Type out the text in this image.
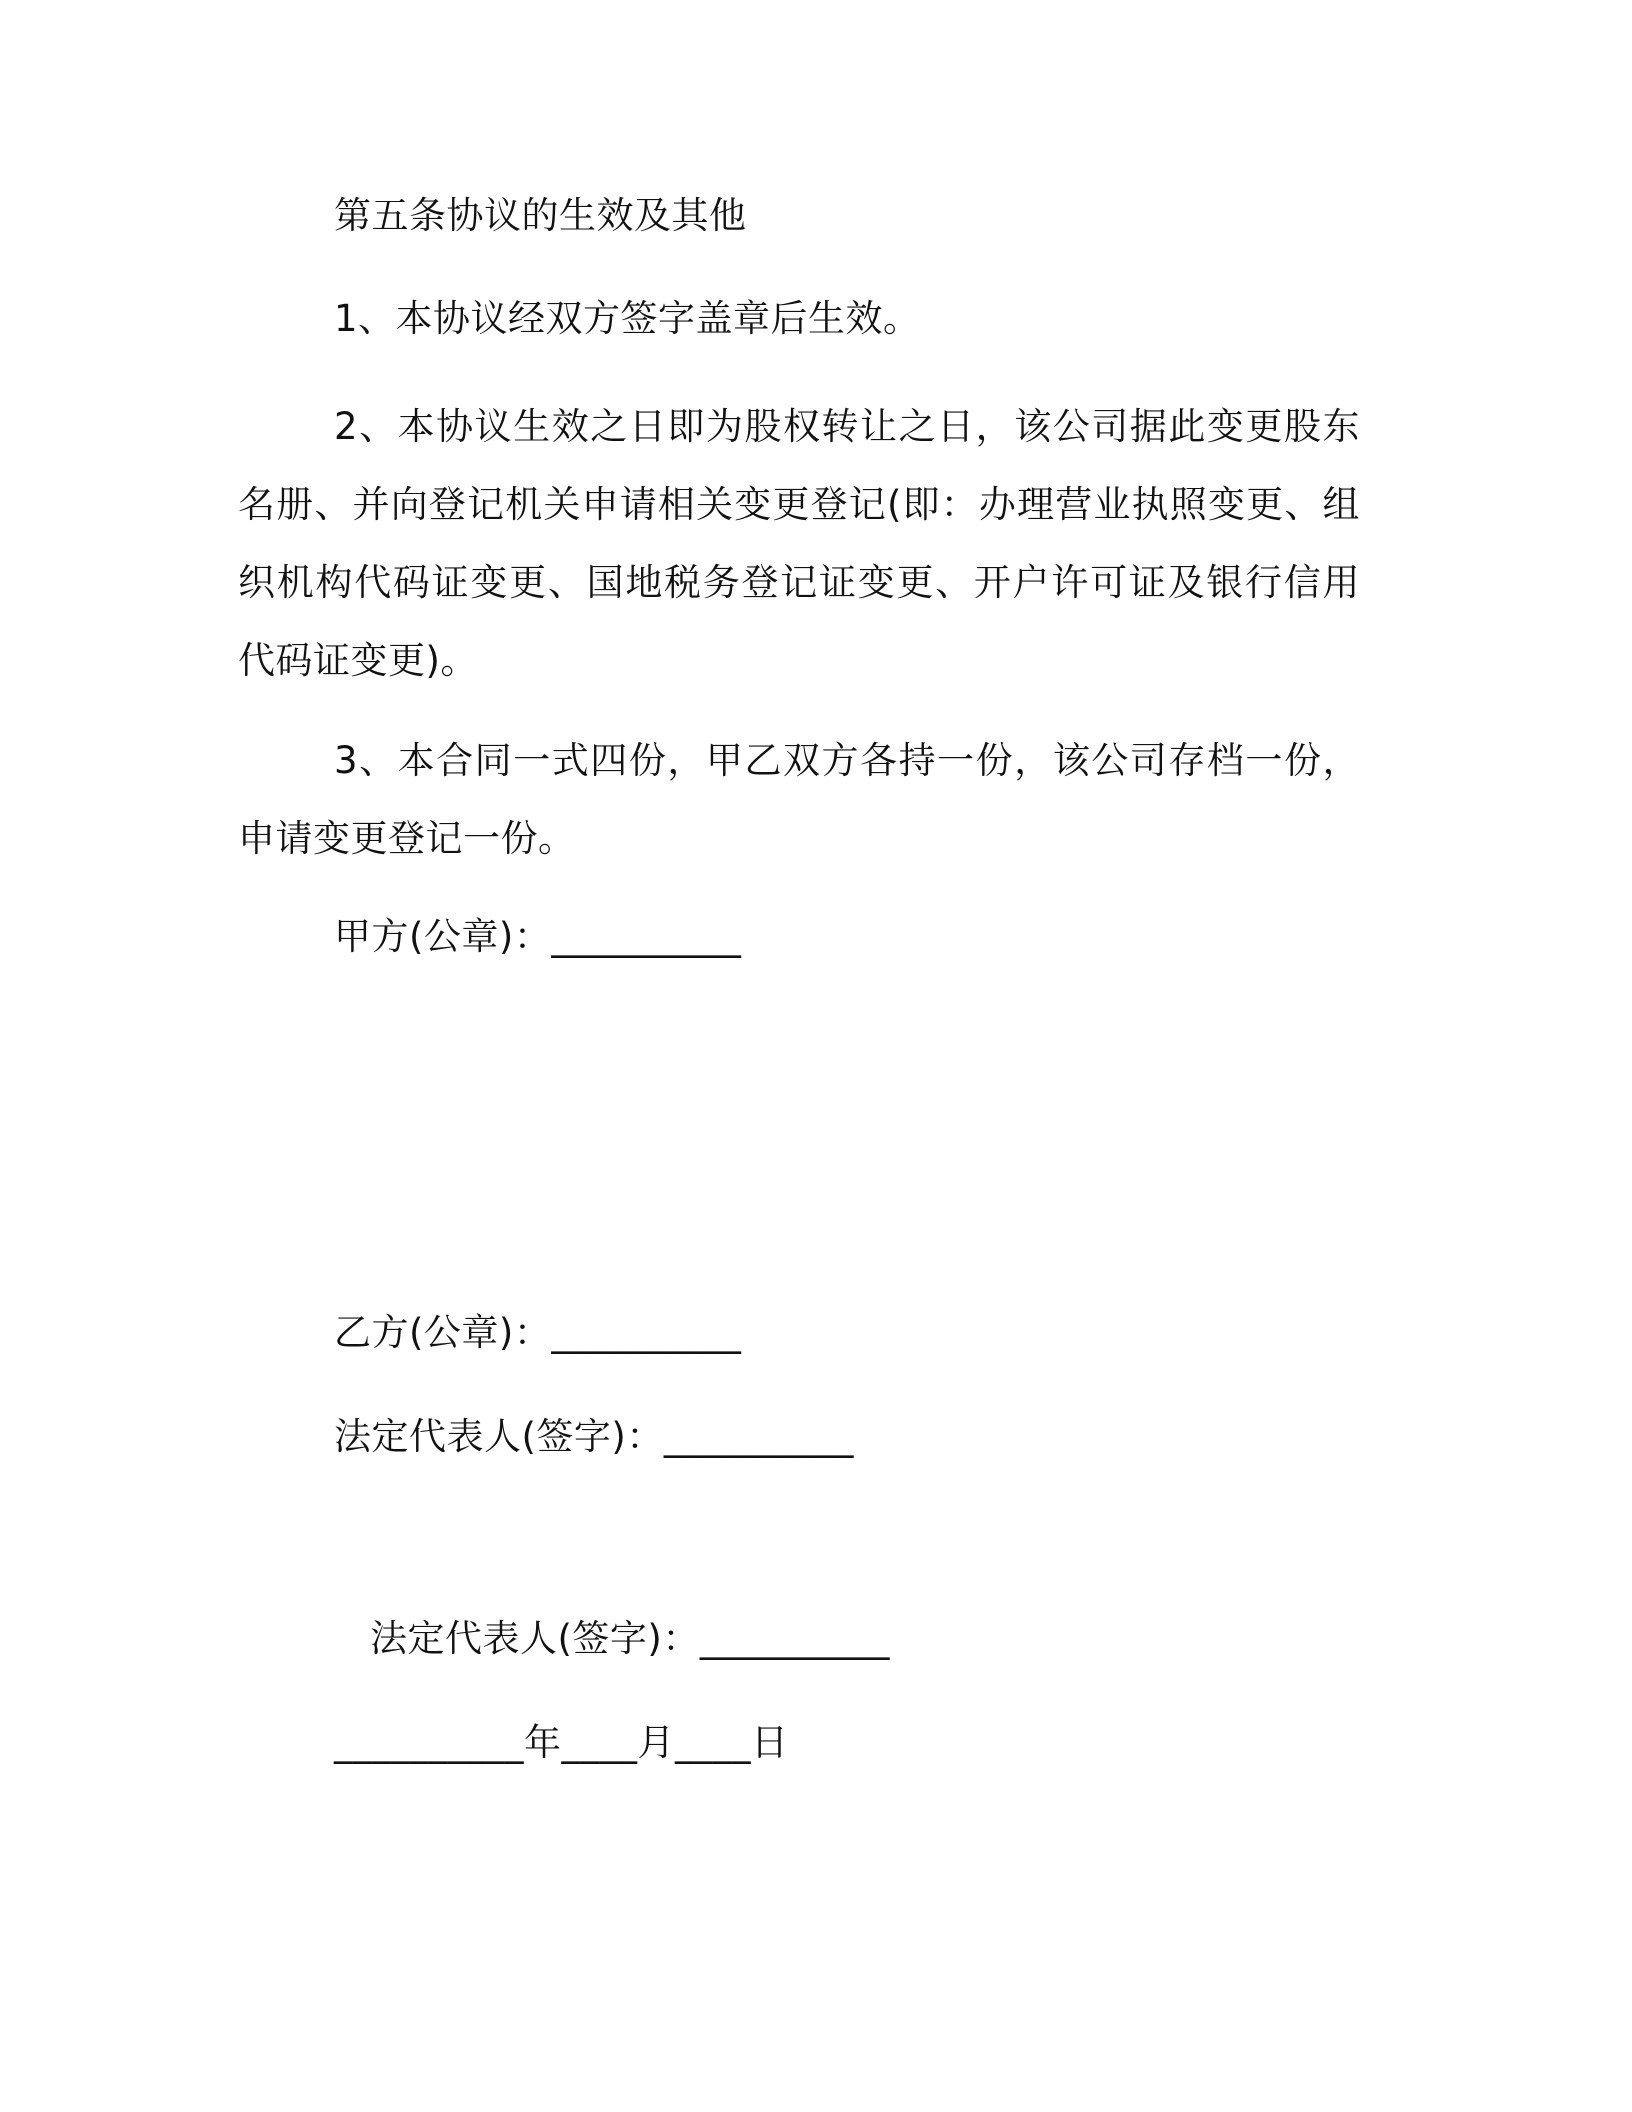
第五条协议的生效及其他
1、本协议经双方签字盖章后生效。
2、本协议生效之日即为股权转让之日，该公司据此变更股东名册、并向登记机关申请相关变更登记(即：办理营业执照变更、组织机构代码证变更、国地税务登记证变更、开户许可证及银行信用代码证变更)。
3、本合同一式四份，甲乙双方各持一份，该公司存档一份，申请变更登记一份。
甲方(公章)：__________
乙方(公章)：__________
法定代表人(签字)：__________
法定代表人(签字)：__________
__________年____月____日
